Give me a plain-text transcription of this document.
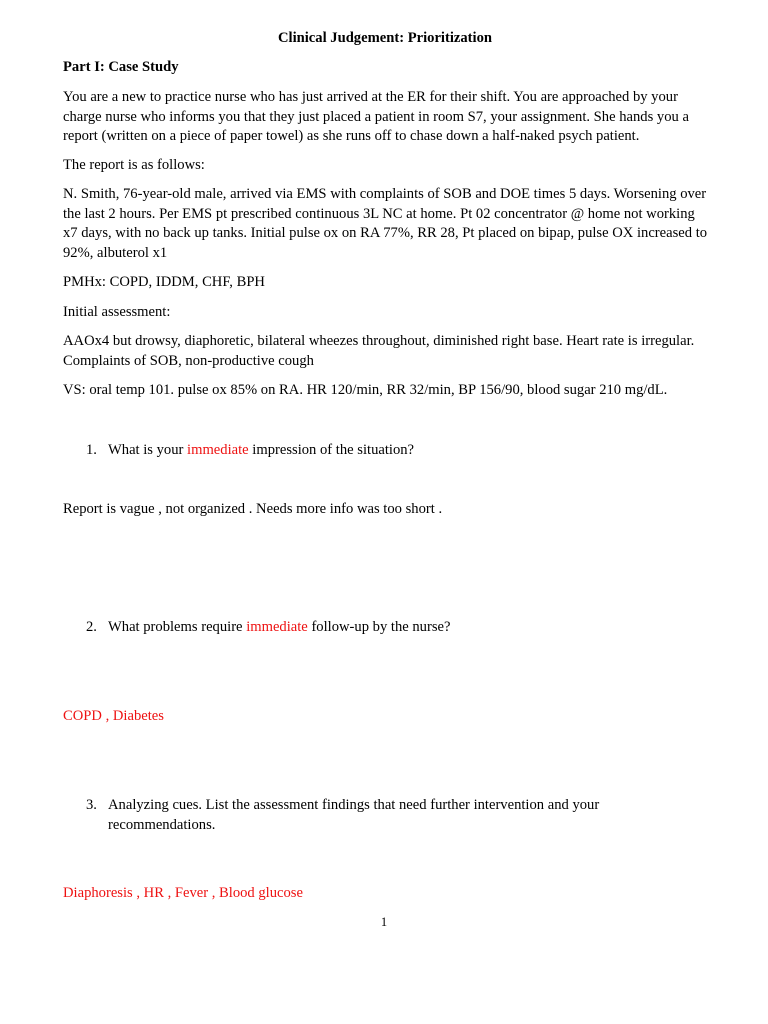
Clinical Judgement: Prioritization

Part I: Case Study

You are a new to practice nurse who has just arrived at the ER for their shift. You are approached by your charge nurse who informs you that they just placed a patient in room S7, your assignment. She hands you a report (written on a piece of paper towel) as she runs off to chase down a half-naked psych patient.

The report is as follows:

N. Smith, 76-year-old male, arrived via EMS with complaints of SOB and DOE times 5 days. Worsening over the last 2 hours. Per EMS pt prescribed continuous 3L NC at home. Pt 02 concentrator @ home not working x7 days, with no back up tanks. Initial pulse ox on RA 77%, RR 28, Pt placed on bipap, pulse OX increased to 92%, albuterol x1

PMHx: COPD, IDDM, CHF, BPH

Initial assessment:

AAOx4 but drowsy, diaphoretic, bilateral wheezes throughout, diminished right base. Heart rate is irregular. Complaints of SOB, non-productive cough

VS: oral temp 101. pulse ox 85% on RA. HR 120/min, RR 32/min, BP 156/90, blood sugar 210 mg/dL.

1. What is your immediate impression of the situation?

Report is vague , not organized . Needs more info was too short .

2. What problems require immediate follow-up by the nurse?

COPD , Diabetes

3. Analyzing cues. List the assessment findings that need further intervention and your recommendations.

Diaphoresis , HR , Fever , Blood glucose

1
